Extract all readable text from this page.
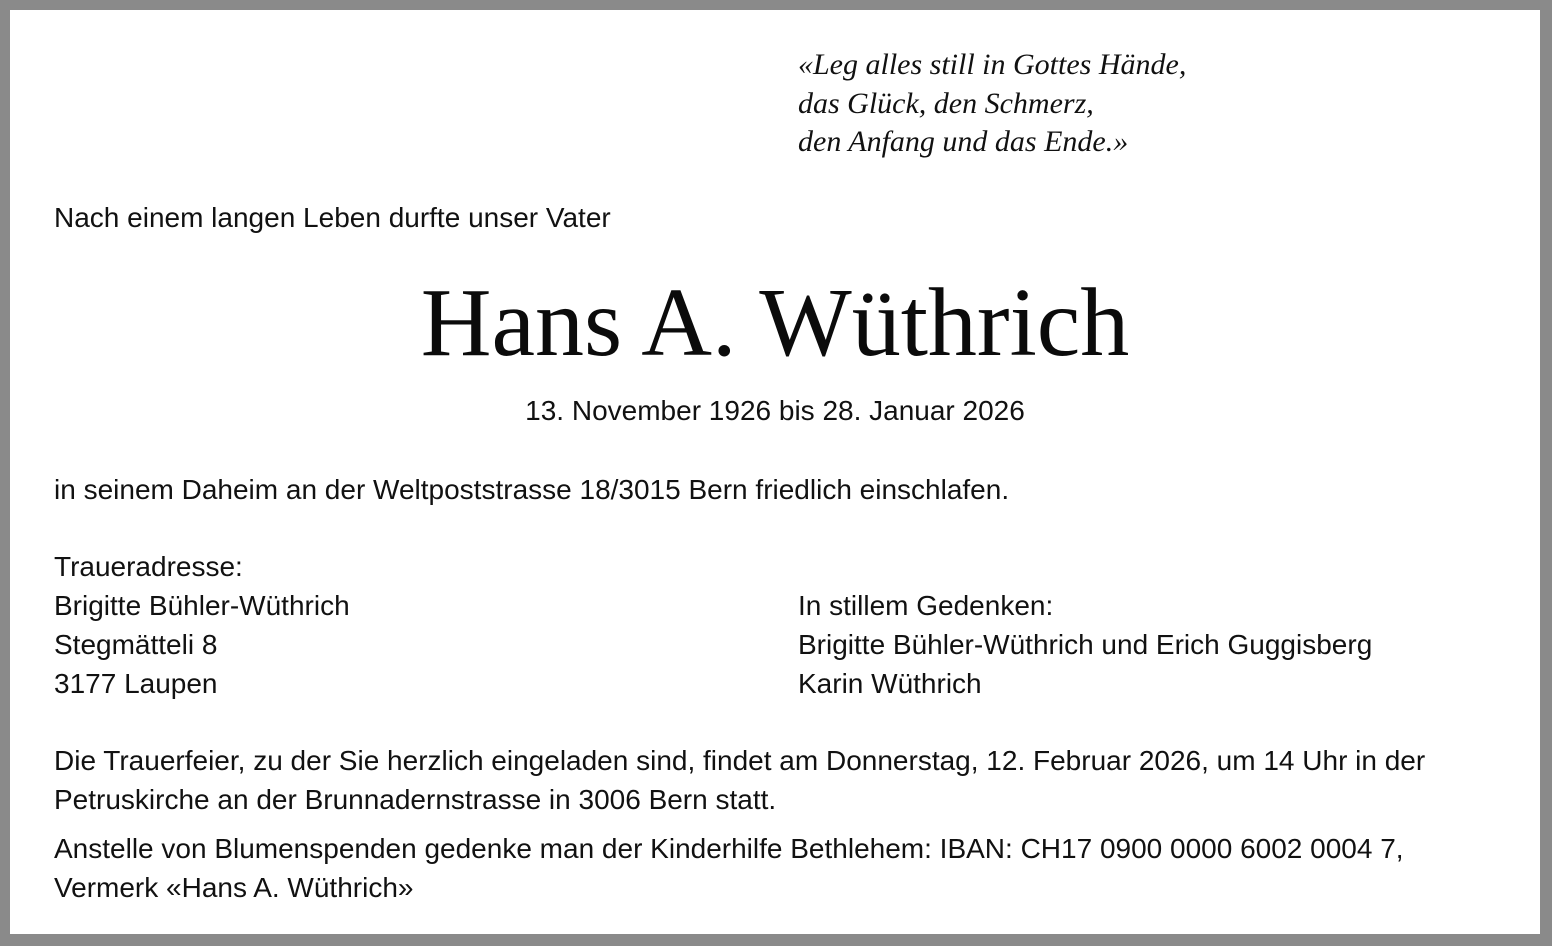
«Leg alles still in Gottes Hände,
das Glück, den Schmerz,
den Anfang und das Ende.»
Nach einem langen Leben durfte unser Vater
Hans A. Wüthrich
13. November 1926 bis 28. Januar 2026
in seinem Daheim an der Weltpoststrasse 18/3015 Bern friedlich einschlafen.
Traueradresse:
Brigitte Bühler-Wüthrich
Stegmätteli 8
3177 Laupen
In stillem Gedenken:
Brigitte Bühler-Wüthrich und Erich Guggisberg
Karin Wüthrich
Die Trauerfeier, zu der Sie herzlich eingeladen sind, findet am Donnerstag, 12. Februar 2026, um 14 Uhr in der
Petruskirche an der Brunnadernstrasse in 3006 Bern statt.
Anstelle von Blumenspenden gedenke man der Kinderhilfe Bethlehem: IBAN: CH17 0900 0000 6002 0004 7,
Vermerk «Hans A. Wüthrich»
